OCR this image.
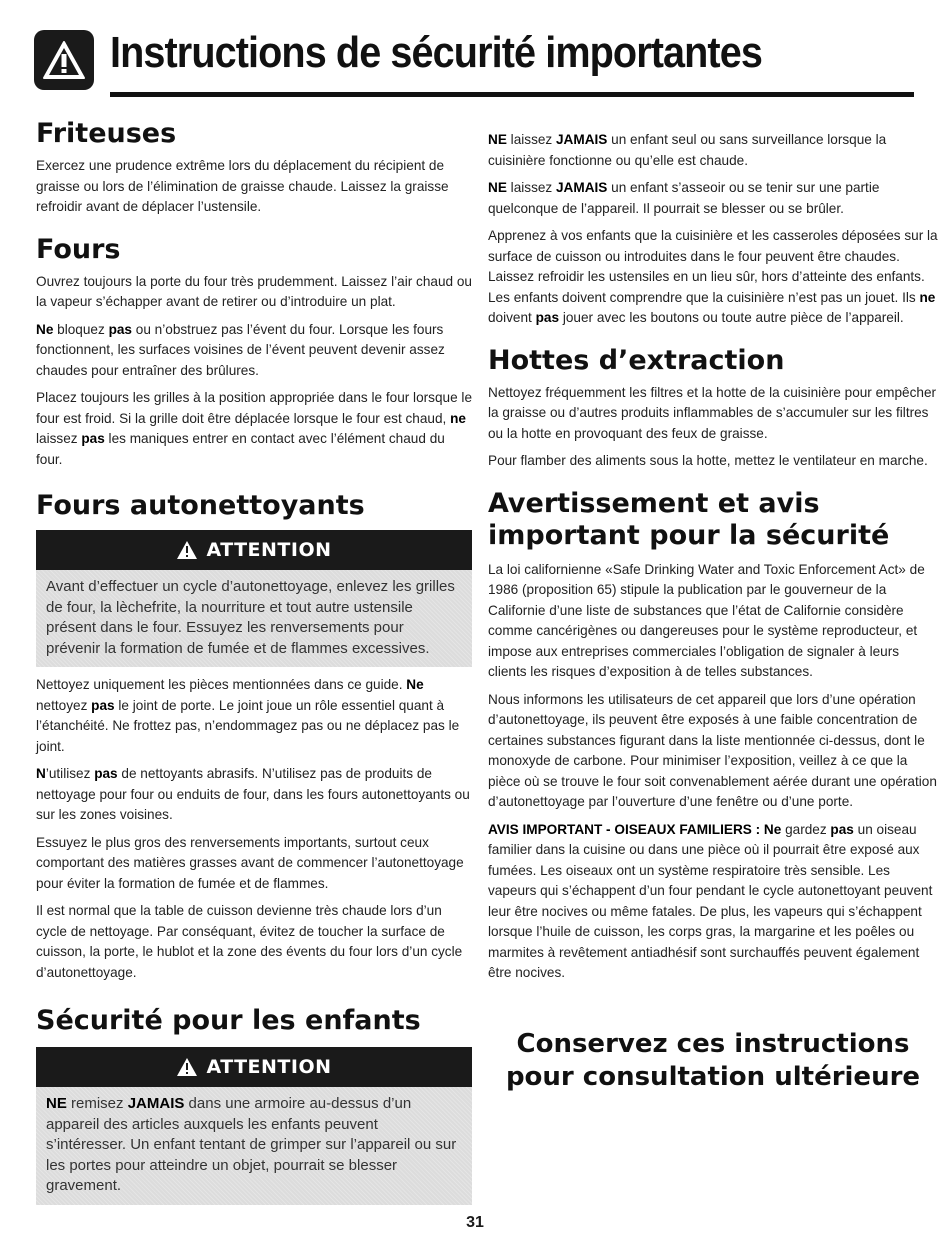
Instructions de sécurité importantes
Friteuses

Exercez une prudence extrême lors du déplacement du récipient de graisse ou lors de l’élimination de graisse chaude. Laissez la graisse refroidir avant de déplacer l’ustensile.

Fours

Ouvrez toujours la porte du four très prudemment. Laissez l’air chaud ou la vapeur s’échapper avant de retirer ou d’introduire un plat.

Ne bloquez pas ou n’obstruez pas l’évent du four. Lorsque les fours fonctionnent, les surfaces voisines de l’évent peuvent devenir assez chaudes pour entraîner des brûlures.

Placez toujours les grilles à la position appropriée dans le four lorsque le four est froid. Si la grille doit être déplacée lorsque le four est chaud, ne laissez pas les maniques entrer en contact avec l’élément chaud du four.

Fours autonettoyants
ATTENTION

Avant d’effectuer un cycle d’autonettoyage, enlevez les grilles de four, la lèchefrite, la nourriture et tout autre ustensile présent dans le four. Essuyez les renversements pour prévenir la formation de fumée et de flammes excessives.

Nettoyez uniquement les pièces mentionnées dans ce guide. Ne nettoyez pas le joint de porte. Le joint joue un rôle essentiel quant à l’étanchéité. Ne frottez pas, n’endommagez pas ou ne déplacez pas le joint.

N’utilisez pas de nettoyants abrasifs. N’utilisez pas de produits de nettoyage pour four ou enduits de four, dans les fours autonettoyants ou sur les zones voisines.

Essuyez le plus gros des renversements importants, surtout ceux comportant des matières grasses avant de commencer l’autonettoyage pour éviter la formation de fumée et de flammes.

Il est normal que la table de cuisson devienne très chaude lors d’un cycle de nettoyage. Par conséquant, évitez de toucher la surface de cuisson, la porte, le hublot et la zone des évents du four lors d’un cycle d’autonettoyage.

Sécurité pour les enfants
ATTENTION

NE remisez JAMAIS dans une armoire au-dessus d’un appareil des articles auxquels les enfants peuvent s’intéresser. Un enfant tentant de grimper sur l’appareil ou sur les portes pour atteindre un objet, pourrait se blesser gravement.

NE laissez JAMAIS un enfant seul ou sans surveillance lorsque la cuisinière fonctionne ou qu’elle est chaude.

NE laissez JAMAIS un enfant s’asseoir ou se tenir sur une partie quelconque de l’appareil. Il pourrait se blesser ou se brûler.

Apprenez à vos enfants que la cuisinière et les casseroles déposées sur la surface de cuisson ou introduites dans le four peuvent être chaudes. Laissez refroidir les ustensiles en un lieu sûr, hors d’atteinte des enfants. Les enfants doivent comprendre que la cuisinière n’est pas un jouet. Ils ne doivent pas jouer avec les boutons ou toute autre pièce de l’appareil.

Hottes d’extraction

Nettoyez fréquemment les filtres et la hotte de la cuisinière pour empêcher la graisse ou d’autres produits inflammables de s’accumuler sur les filtres ou la hotte en provoquant des feux de graisse.

Pour flamber des aliments sous la hotte, mettez le ventilateur en marche.

Avertissement et avis important pour la sécurité

La loi californienne «Safe Drinking Water and Toxic Enforcement Act» de 1986 (proposition 65) stipule la publication par le gouverneur de la Californie d’une liste de substances que l’état de Californie considère comme cancérigènes ou dangereuses pour le système reproducteur, et impose aux entreprises commerciales l’obligation de signaler à leurs clients les risques d’exposition à de telles substances.

Nous informons les utilisateurs de cet appareil que lors d’une opération d’autonettoyage, ils peuvent être exposés à une faible concentration de certaines substances figurant dans la liste mentionnée ci-dessus, dont le monoxyde de carbone. Pour minimiser l’exposition, veillez à ce que la pièce où se trouve le four soit convenablement aérée durant une opération d’autonettoyage par l’ouverture d’une fenêtre ou d’une porte.

AVIS IMPORTANT - OISEAUX FAMILIERS : Ne gardez pas un oiseau familier dans la cuisine ou dans une pièce où il pourrait être exposé aux fumées. Les oiseaux ont un système respiratoire très sensible. Les vapeurs qui s’échappent d’un four pendant le cycle autonettoyant peuvent leur être nocives ou même fatales. De plus, les vapeurs qui s’échappent lorsque l’huile de cuisson, les corps gras, la margarine et les poêles ou marmites à revêtement antiadhésif sont surchauffés peuvent également être nocives.

Conservez ces instructions

pour consultation ultérieure

31
